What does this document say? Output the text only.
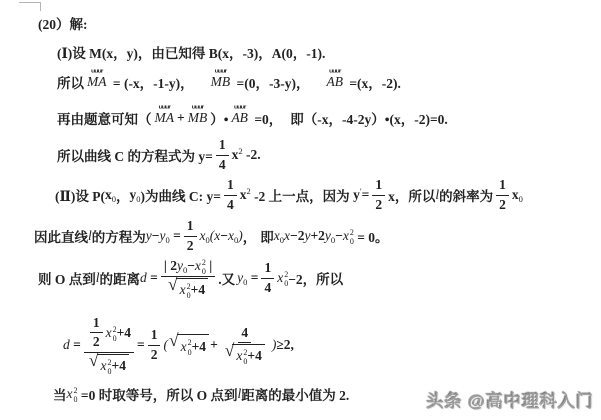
(20）解:
(Ⅰ)设 M(x，y)，由已知得 B(x，-3)，A(0，-1).
所以
uuur
MA = (-x，-1-y)，
uuur
MB =(0，-3-y)，
uuur
AB =(x，-2).
再由题意可知（
uuur
MA +
uuur
MB ）•
uuur
AB =0， 即（-x，-4-2y）•(x，-2)=0.
所以曲线 C 的方程式为 $y= \frac{1}{4}$ x 2 -2.
(Ⅱ)设 P( x 0 ， y 0 )为曲线 C: $y= \frac{1}{4}$ x 2 -2 上一点，因为 y ′ = $\frac{1}{2}$ x，所以 l 的斜率为 $\frac{1}{2}$ x 0
因此直线 l 的方程为 y − y $0 = \frac{1}{2}$ x 0 ( x − x 0 ) ， 即 x 0 x −2 y +2 y 0 − x 2
0 = 0。
则 O 点到 l 的距离 d = | 2 y 0 − x 2
0 |
√ x 2
0 +4 .又 y $0 = \frac{1}{4}$ x 2
0 −2，所以
$d = \frac{1}{2}$ x 2
0 +4
√ x 2
$0 +4 = \frac{1}{2}$ ( √ x 2
0 +4 + 4
√ x 2
0 +4 ) ≥2,
当 x 2
0 =0 时取等号，所以 O 点到 l 距离的最小值为 2.	头条 @高中理科入门
